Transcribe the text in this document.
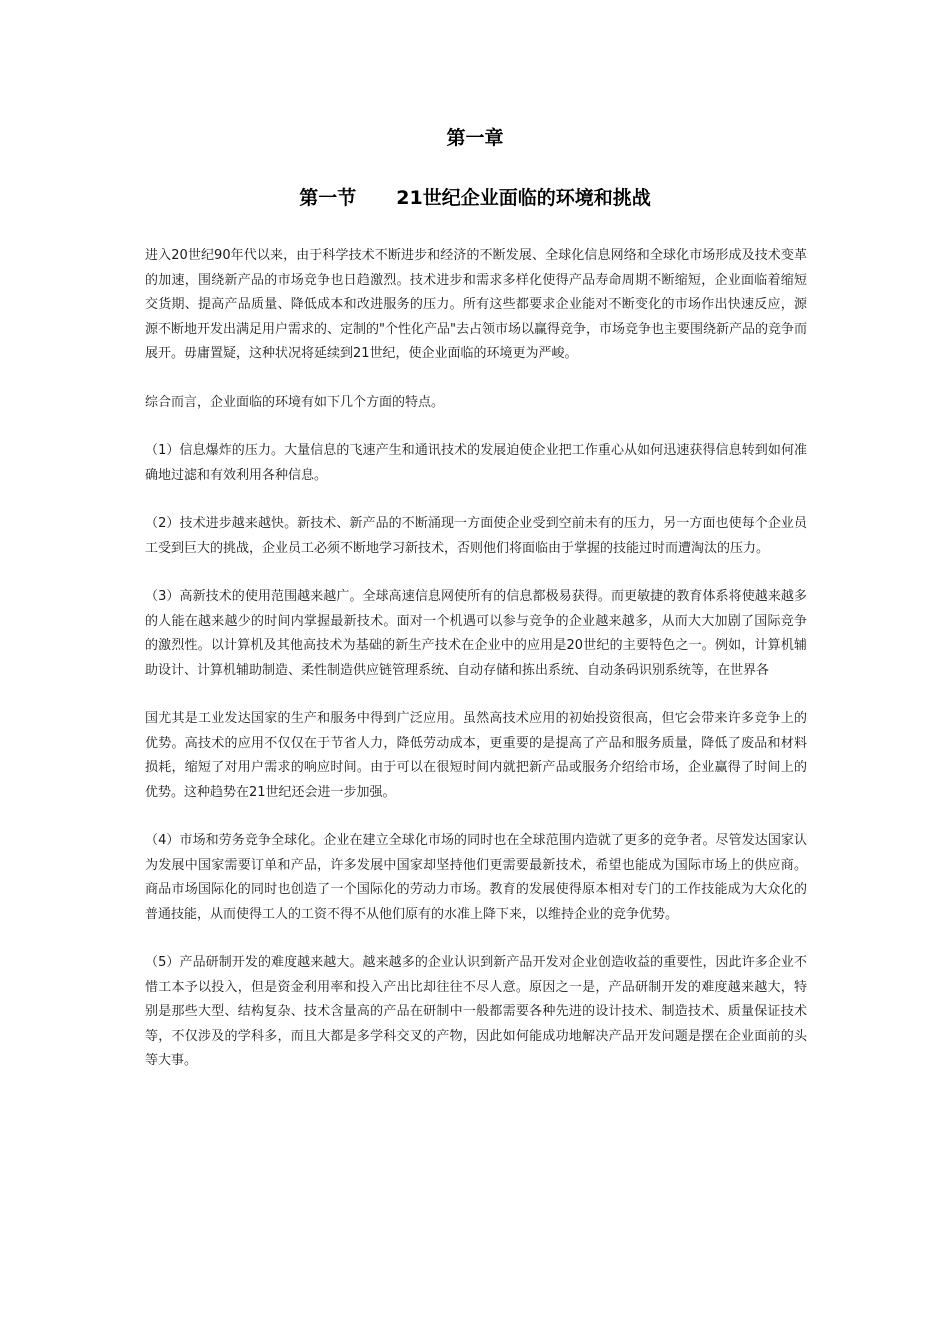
第一章
第一节 21世纪企业面临的环境和挑战

进入20世纪90年代以来，由于科学技术不断进步和经济的不断发展、全球化信息网络和全球化市场形成及技术变革的加速，围绕新产品的市场竞争也日趋激烈。技术进步和需求多样化使得产品寿命周期不断缩短，企业面临着缩短交货期、提高产品质量、降低成本和改进服务的压力。所有这些都要求企业能对不断变化的市场作出快速反应，源源不断地开发出满足用户需求的、定制的"个性化产品"去占领市场以赢得竞争，市场竞争也主要围绕新产品的竞争而展开。毋庸置疑，这种状况将延续到21世纪，使企业面临的环境更为严峻。

综合而言，企业面临的环境有如下几个方面的特点。

（1）信息爆炸的压力。大量信息的飞速产生和通讯技术的发展迫使企业把工作重心从如何迅速获得信息转到如何准确地过滤和有效利用各种信息。

（2）技术进步越来越快。新技术、新产品的不断涌现一方面使企业受到空前未有的压力，另一方面也使每个企业员工受到巨大的挑战，企业员工必须不断地学习新技术，否则他们将面临由于掌握的技能过时而遭淘汰的压力。

（3）高新技术的使用范围越来越广。全球高速信息网使所有的信息都极易获得。而更敏捷的教育体系将使越来越多的人能在越来越少的时间内掌握最新技术。面对一个机遇可以参与竞争的企业越来越多，从而大大加剧了国际竞争的激烈性。以计算机及其他高技术为基础的新生产技术在企业中的应用是20世纪的主要特色之一。例如，计算机辅助设计、计算机辅助制造、柔性制造供应链管理系统、自动存储和拣出系统、自动条码识别系统等，在世界各

国尤其是工业发达国家的生产和服务中得到广泛应用。虽然高技术应用的初始投资很高，但它会带来许多竞争上的优势。高技术的应用不仅仅在于节省人力，降低劳动成本，更重要的是提高了产品和服务质量，降低了废品和材料损耗，缩短了对用户需求的响应时间。由于可以在很短时间内就把新产品或服务介绍给市场，企业赢得了时间上的优势。这种趋势在21世纪还会进一步加强。

（4）市场和劳务竞争全球化。企业在建立全球化市场的同时也在全球范围内造就了更多的竞争者。尽管发达国家认为发展中国家需要订单和产品，许多发展中国家却坚持他们更需要最新技术，希望也能成为国际市场上的供应商。商品市场国际化的同时也创造了一个国际化的劳动力市场。教育的发展使得原本相对专门的工作技能成为大众化的普通技能，从而使得工人的工资不得不从他们原有的水准上降下来，以维持企业的竞争优势。

（5）产品研制开发的难度越来越大。越来越多的企业认识到新产品开发对企业创造收益的重要性，因此许多企业不惜工本予以投入，但是资金利用率和投入产出比却往往不尽人意。原因之一是，产品研制开发的难度越来越大，特别是那些大型、结构复杂、技术含量高的产品在研制中一般都需要各种先进的设计技术、制造技术、质量保证技术等，不仅涉及的学科多，而且大都是多学科交叉的产物，因此如何能成功地解决产品开发问题是摆在企业面前的头等大事。
